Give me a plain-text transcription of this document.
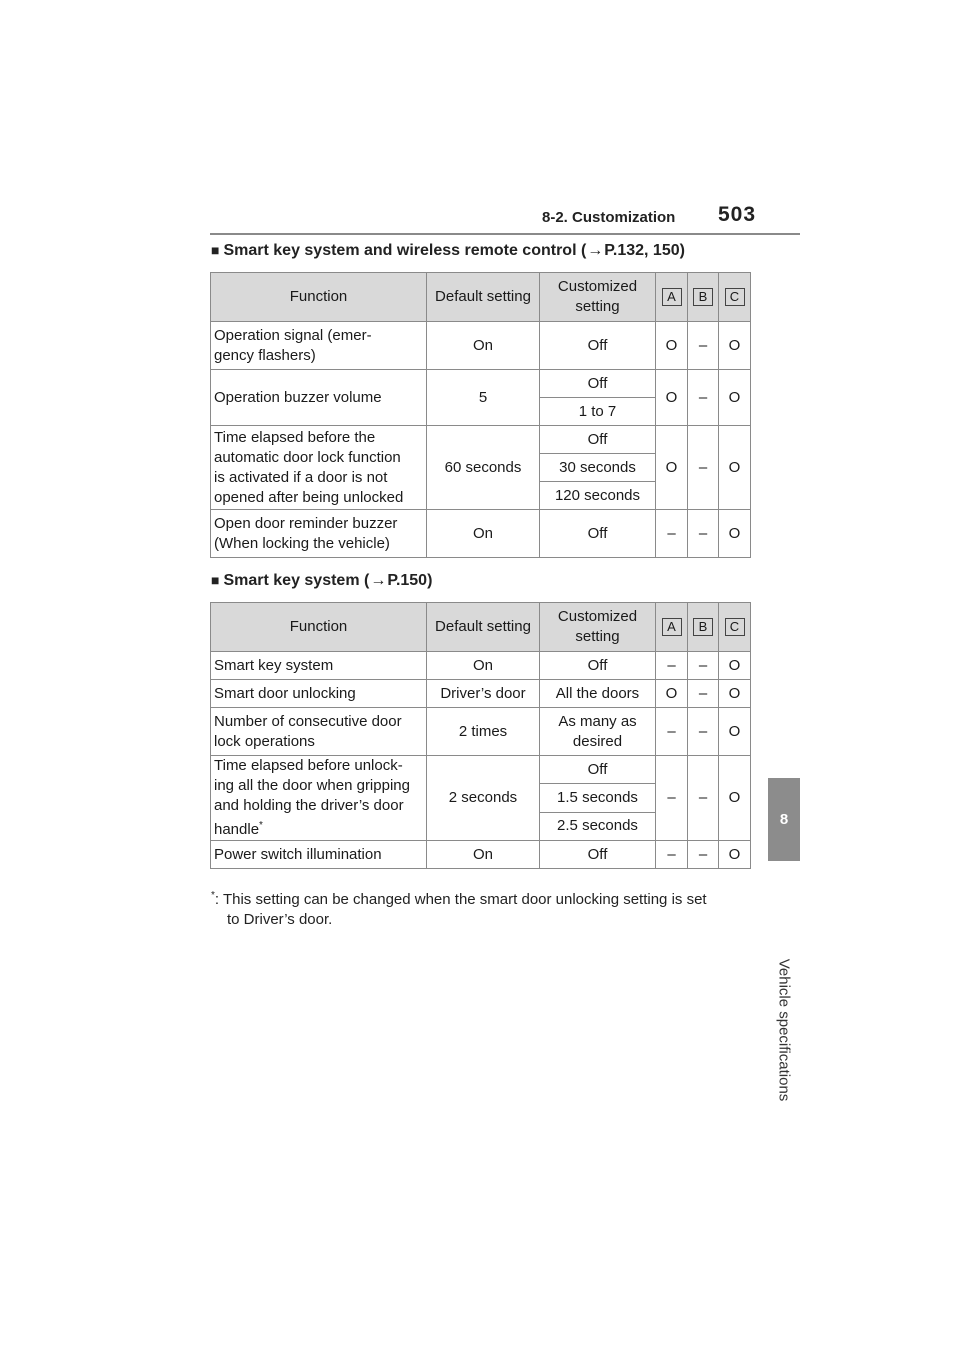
8-2. Customization 503
8
Vehicle specifications
■ Smart key system and wireless remote control (→P.132, 150)
Function	Default setting	Customized setting	A	B	C
Operation signal (emer-
gency flashers)	On	Off	O	–	O
Operation buzzer volume	5	Off	O	–	O
		1 to 7			
Time elapsed before the
automatic door lock function
is activated if a door is not
opened after being unlocked	60 seconds	Off	O	–	O
		30 seconds			
		120 seconds			
Open door reminder buzzer
(When locking the vehicle)	On	Off	–	–	O
■ Smart key system (→P.150)
Function	Default setting	Customized setting	A	B	C
Smart key system	On	Off	–	–	O
Smart door unlocking	Driver’s door	All the doors	O	–	O
Number of consecutive door
lock operations	2 times	As many as
desired	–	–	O
Time elapsed before unlock-
ing all the door when gripping
and holding the driver’s door
handle*	2 seconds	Off	–	–	O
		1.5 seconds			
		2.5 seconds			
Power switch illumination	On	Off	–	–	O
*: This setting can be changed when the smart door unlocking setting is set
to Driver’s door.
